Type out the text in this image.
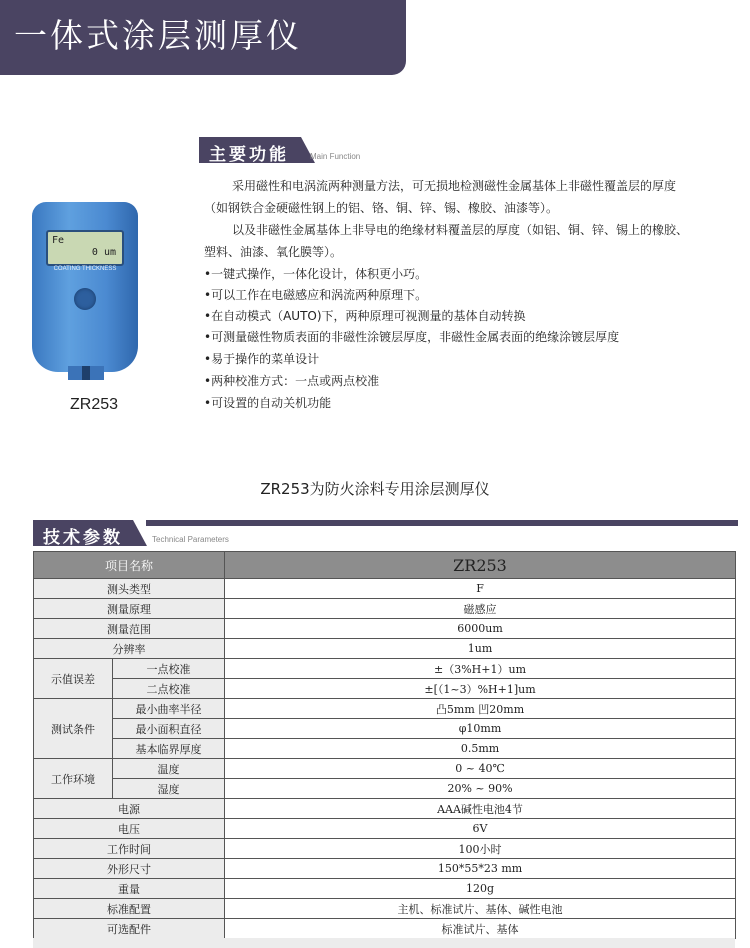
一体式涂层测厚仪
主要功能	Main Function
Fe
0 um
COATING THICKNESS
ZR253
采用磁性和电涡流两种测量方法，可无损地检测磁性金属基体上非磁性覆盖层的厚度
（如钢铁合金硬磁性钢上的铝、铬、铜、锌、锡、橡胶、油漆等）。
以及非磁性金属基体上非导电的绝缘材料覆盖层的厚度（如铝、铜、锌、锡上的橡胶、
塑料、油漆、氧化膜等）。
•一键式操作，一体化设计，体积更小巧。
•可以工作在电磁感应和涡流两种原理下。
•在自动模式（AUTO)下，两种原理可视测量的基体自动转换
•可测量磁性物质表面的非磁性涂镀层厚度，非磁性金属表面的绝缘涂镀层厚度
•易于操作的菜单设计
•两种校准方式：一点或两点校准
•可设置的自动关机功能
ZR253为防火涂料专用涂层测厚仪
技术参数	Technical Parameters
项目名称		ZR253
测头类型		F
测量原理		磁感应
测量范围		6000um
分辨率		1um
示值误差	一点校准	±（3%H+1）um
	二点校准	±[（1~3）%H+1]um
测试条件	最小曲率半径	凸5mm 凹20mm
	最小面积直径	φ10mm
	基本临界厚度	0.5mm
工作环境	温度	0 ~ 40℃
	湿度	20% ~ 90%
电源		AAA碱性电池4节
电压		6V
工作时间		100小时
外形尺寸		150*55*23 mm
重量		120g
标准配置		主机、标准试片、基体、碱性电池
可选配件		标准试片、基体
